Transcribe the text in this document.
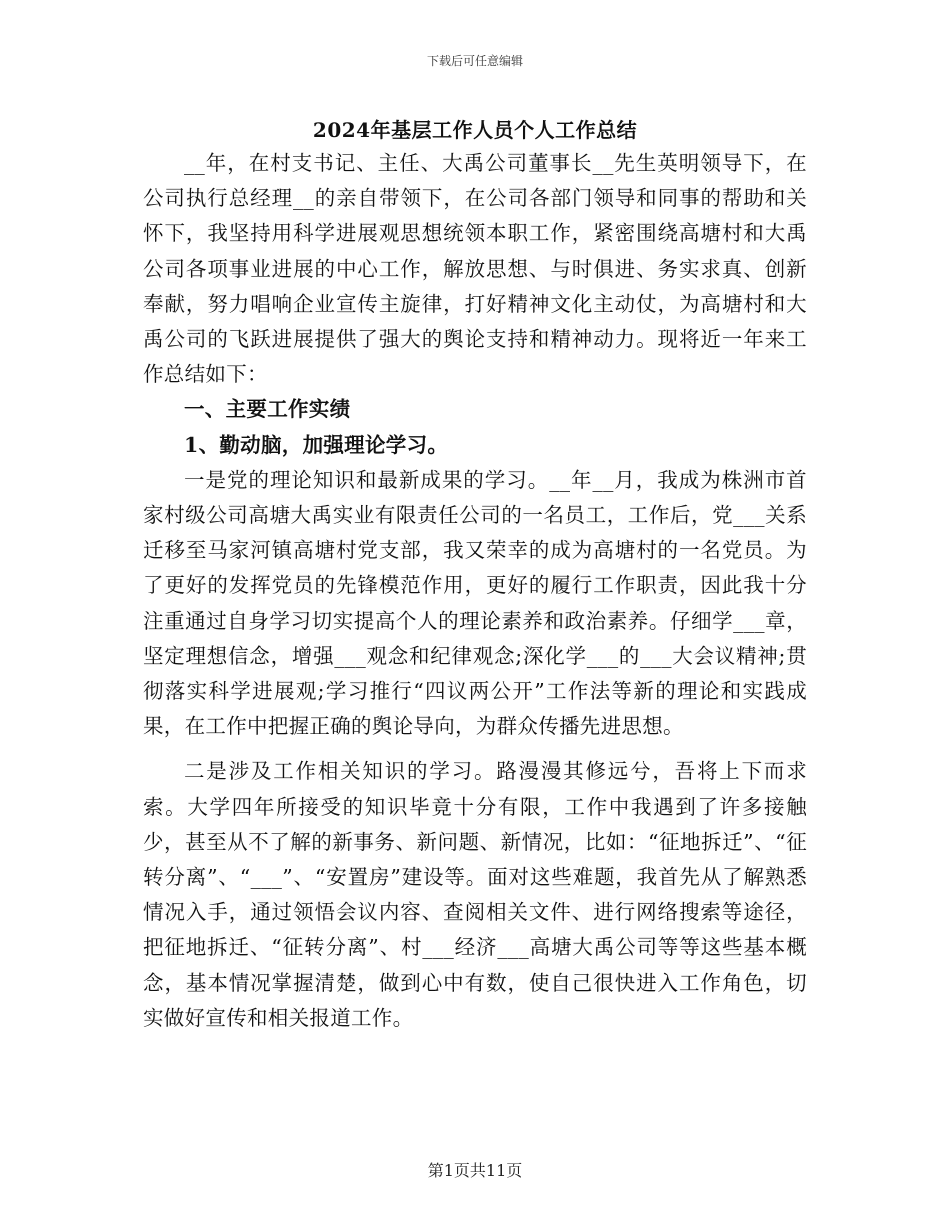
下载后可任意编辑
2024年基层工作人员个人工作总结

__年，在村支书记、主任、大禹公司董事长__先生英明领导下，在公司执行总经理__的亲自带领下，在公司各部门领导和同事的帮助和关怀下，我坚持用科学进展观思想统领本职工作，紧密围绕高塘村和大禹公司各项事业进展的中心工作，解放思想、与时俱进、务实求真、创新奉献，努力唱响企业宣传主旋律，打好精神文化主动仗，为高塘村和大禹公司的飞跃进展提供了强大的舆论支持和精神动力。现将近一年来工作总结如下：

一、主要工作实绩

1、勤动脑，加强理论学习。

一是党的理论知识和最新成果的学习。__年__月，我成为株洲市首家村级公司高塘大禹实业有限责任公司的一名员工，工作后，党___关系迁移至马家河镇高塘村党支部，我又荣幸的成为高塘村的一名党员。为了更好的发挥党员的先锋模范作用，更好的履行工作职责，因此我十分注重通过自身学习切实提高个人的理论素养和政治素养。仔细学___章，坚定理想信念，增强___观念和纪律观念;深化学___的___大会议精神;贯彻落实科学进展观;学习推行“四议两公开”工作法等新的理论和实践成果，在工作中把握正确的舆论导向，为群众传播先进思想。

二是涉及工作相关知识的学习。路漫漫其修远兮，吾将上下而求索。大学四年所接受的知识毕竟十分有限，工作中我遇到了许多接触少，甚至从不了解的新事务、新问题、新情况，比如：“征地拆迁”、“征转分离”、“___”、“安置房”建设等。面对这些难题，我首先从了解熟悉情况入手，通过领悟会议内容、查阅相关文件、进行网络搜索等途径，把征地拆迁、“征转分离”、村___经济___高塘大禹公司等等这些基本概念，基本情况掌握清楚，做到心中有数，使自己很快进入工作角色，切实做好宣传和相关报道工作。

第1页共11页
